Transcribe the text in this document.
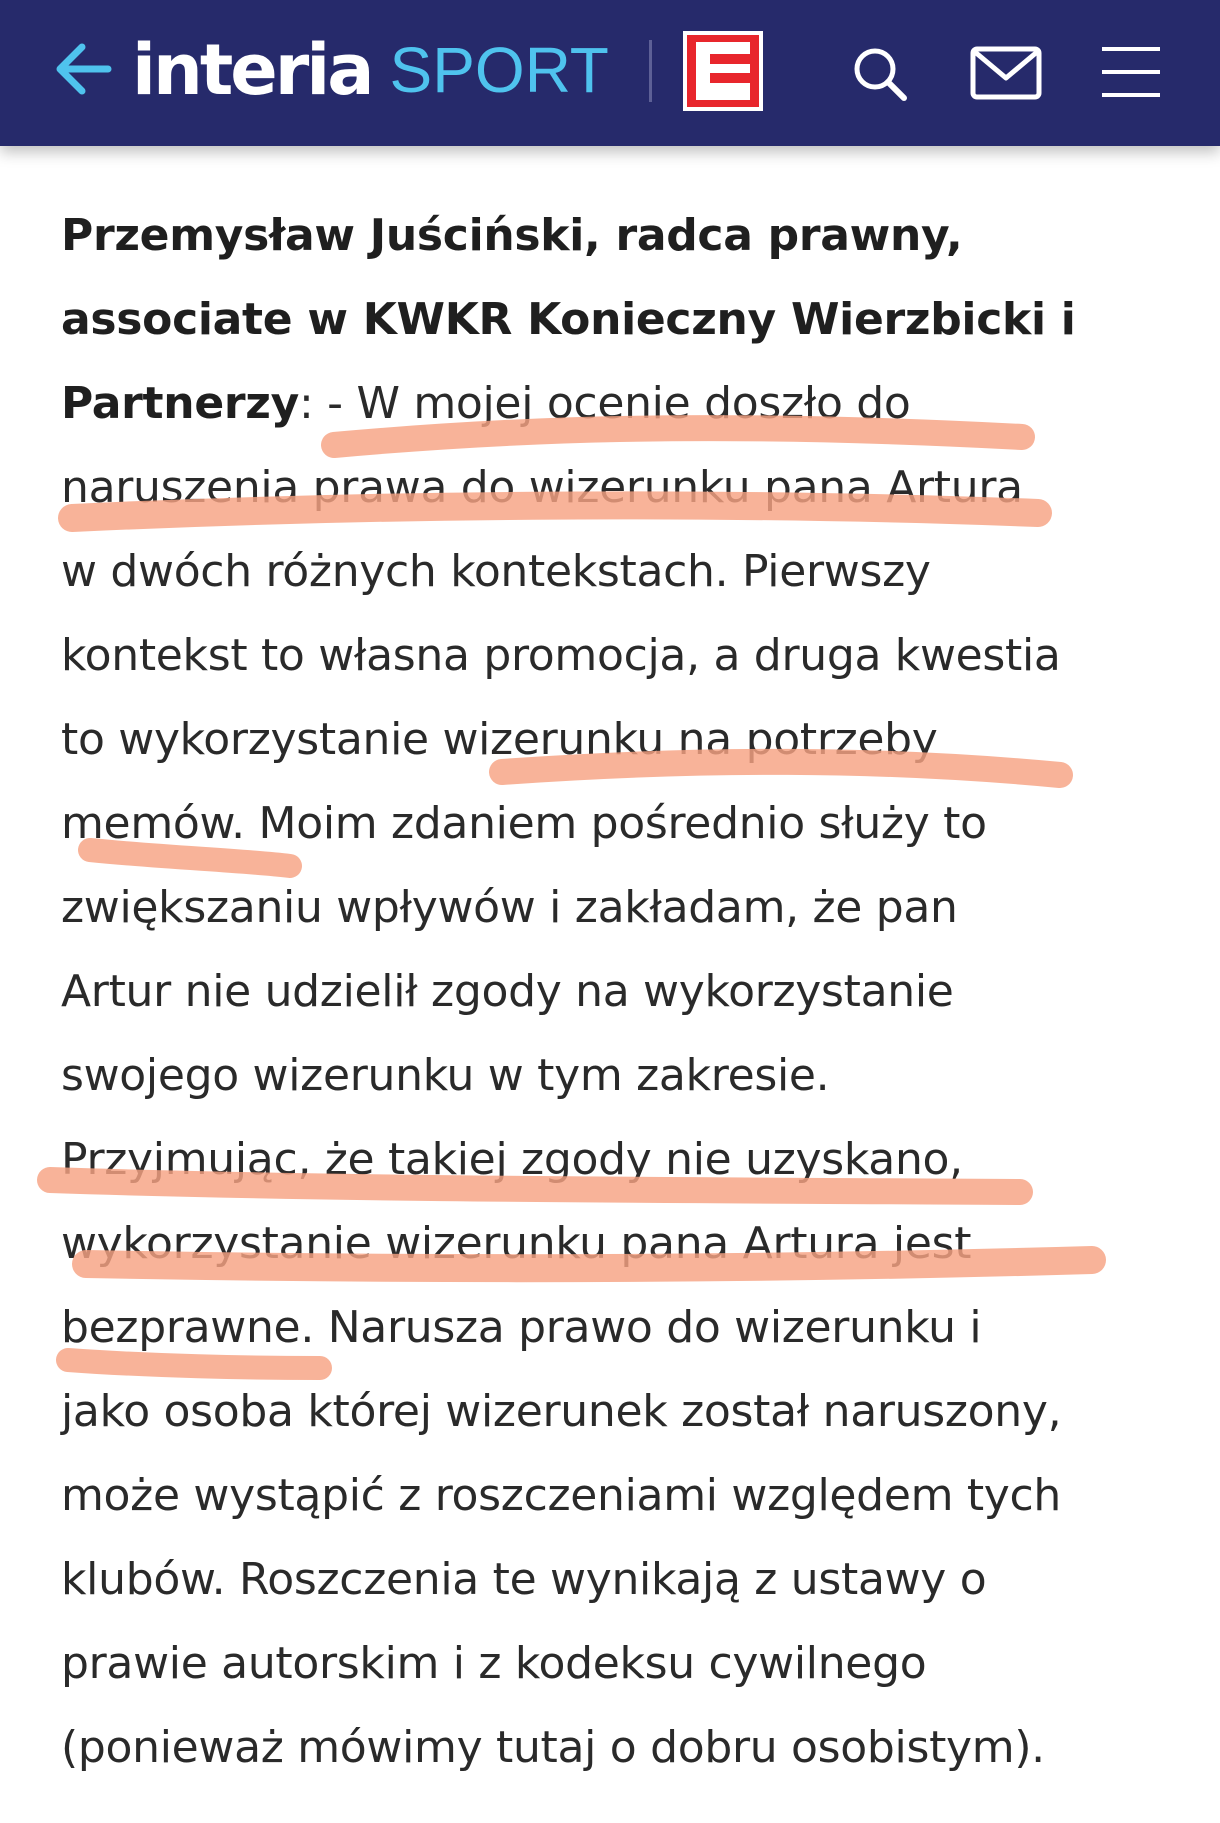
interia SPORT

Przemysław Juściński, radca prawny, associate w KWKR Konieczny Wierzbicki i Partnerzy: - W mojej ocenie doszło do
naruszenia prawa do wizerunku pana Artura
w dwóch różnych kontekstach. Pierwszy
kontekst to własna promocja, a druga kwestia
to wykorzystanie wizerunku na potrzeby
memów. Moim zdaniem pośrednio służy to
zwiększaniu wpływów i zakładam, że pan
Artur nie udzielił zgody na wykorzystanie
swojego wizerunku w tym zakresie.
Przyjmując, że takiej zgody nie uzyskano,
wykorzystanie wizerunku pana Artura jest
bezprawne. Narusza prawo do wizerunku i
jako osoba której wizerunek został naruszony,
może wystąpić z roszczeniami względem tych
klubów. Roszczenia te wynikają z ustawy o
prawie autorskim i z kodeksu cywilnego
(ponieważ mówimy tutaj o dobru osobistym).
